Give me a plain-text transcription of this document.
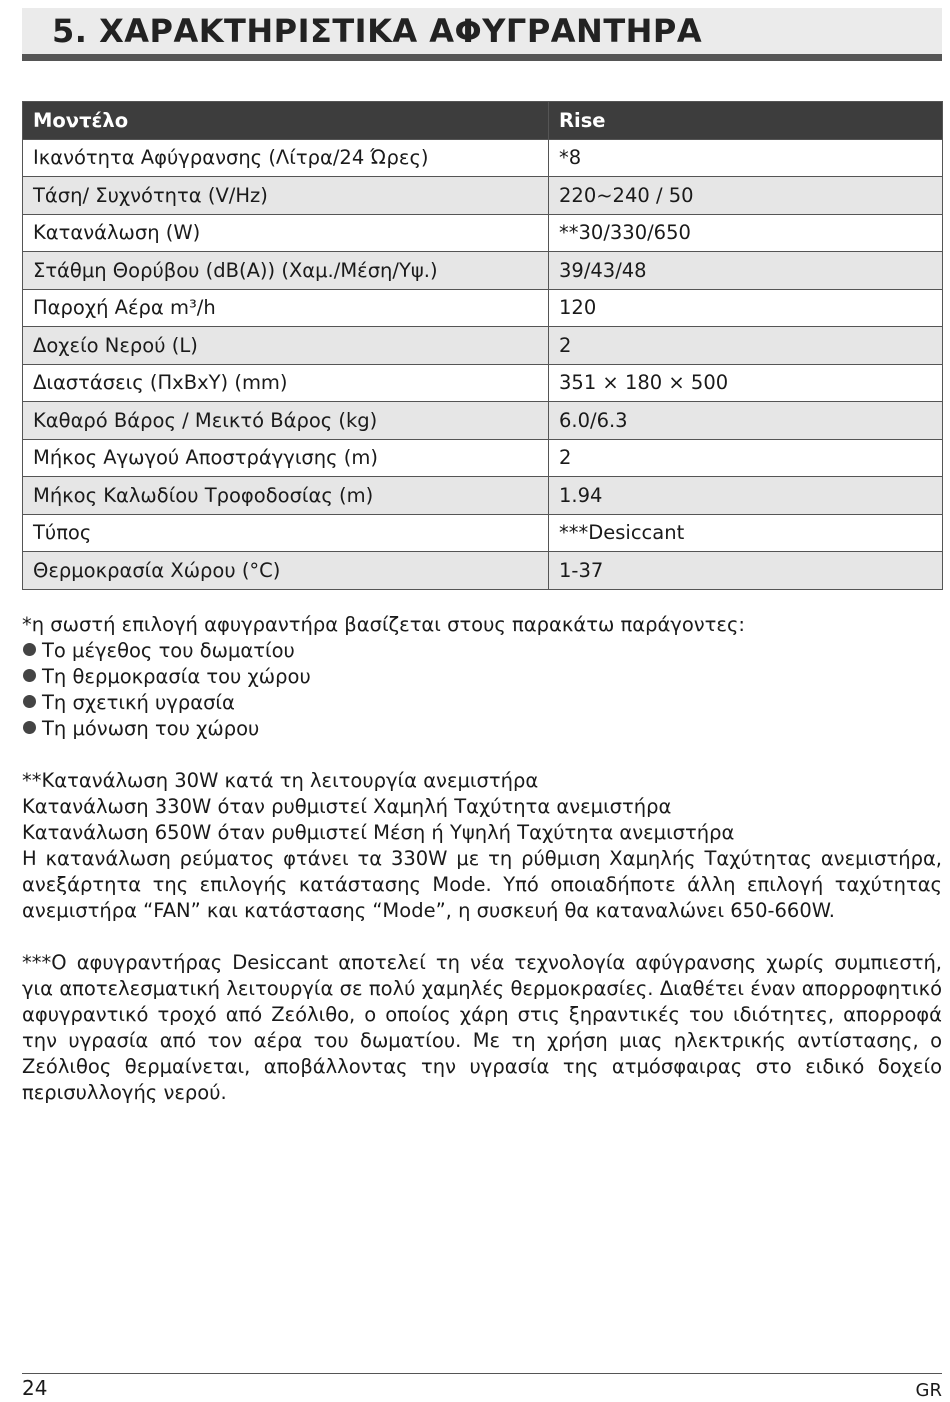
5. ΧΑΡΑΚΤΗΡΙΣΤΙΚΑ ΑΦΥΓΡΑΝΤΗΡΑ
Μοντέλο	Rise
Ικανότητα Αφύγρανσης (Λίτρα/24 Ώρες)	*8
Τάση/ Συχνότητα (V/Hz)	220~240 / 50
Κατανάλωση (W)	**30/330/650
Στάθμη Θορύβου (dB(A)) (Χαμ./Μέση/Υψ.)	39/43/48
Παροχή Αέρα m³/h	120
Δοχείο Νερού (L)	2
Διαστάσεις (ΠxΒxΥ) (mm)	351 × 180 × 500
Καθαρό Βάρος / Μεικτό Βάρος (kg)	6.0/6.3
Μήκος Αγωγού Αποστράγγισης (m)	2
Μήκος Καλωδίου Τροφοδοσίας (m)	1.94
Τύπος	***Desiccant
Θερμοκρασία Χώρου (°C)	1-37

*η σωστή επιλογή αφυγραντήρα βασίζεται στους παρακάτω παράγοντες:

Το μέγεθος του δωματίου
Τη θερμοκρασία του χώρου
Τη σχετική υγρασία
Τη μόνωση του χώρου

**Κατανάλωση 30W κατά τη λειτουργία ανεμιστήρα

Κατανάλωση 330W όταν ρυθμιστεί Χαμηλή Ταχύτητα ανεμιστήρα

Κατανάλωση 650W όταν ρυθμιστεί Μέση ή Υψηλή Ταχύτητα ανεμιστήρα

Η κατανάλωση ρεύματος φτάνει τα 330W με τη ρύθμιση Χαμηλής Ταχύτητας ανεμιστήρα, ανεξάρτητα της επιλογής κατάστασης Mode. Υπό οποιαδήποτε άλλη επιλογή ταχύτητας ανεμιστήρα “FAN” και κατάστασης “Mode”, η συσκευή θα καταναλώνει 650-660W.

***Ο αφυγραντήρας Desiccant αποτελεί τη νέα τεχνολογία αφύγρανσης χωρίς συμπιεστή, για αποτελεσματική λειτουργία σε πολύ χαμηλές θερμοκρασίες. Διαθέτει έναν απορροφητικό αφυγραντικό τροχό από Ζεόλιθο, ο οποίος χάρη στις ξηραντικές του ιδιότητες, απορροφά την υγρασία από τον αέρα του δωματίου. Με τη χρήση μιας ηλεκτρικής αντίστασης, ο Ζεόλιθος θερμαίνεται, αποβάλλοντας την υγρασία της ατμόσφαιρας στο ειδικό δοχείο περισυλλογής νερού.

24	GR
